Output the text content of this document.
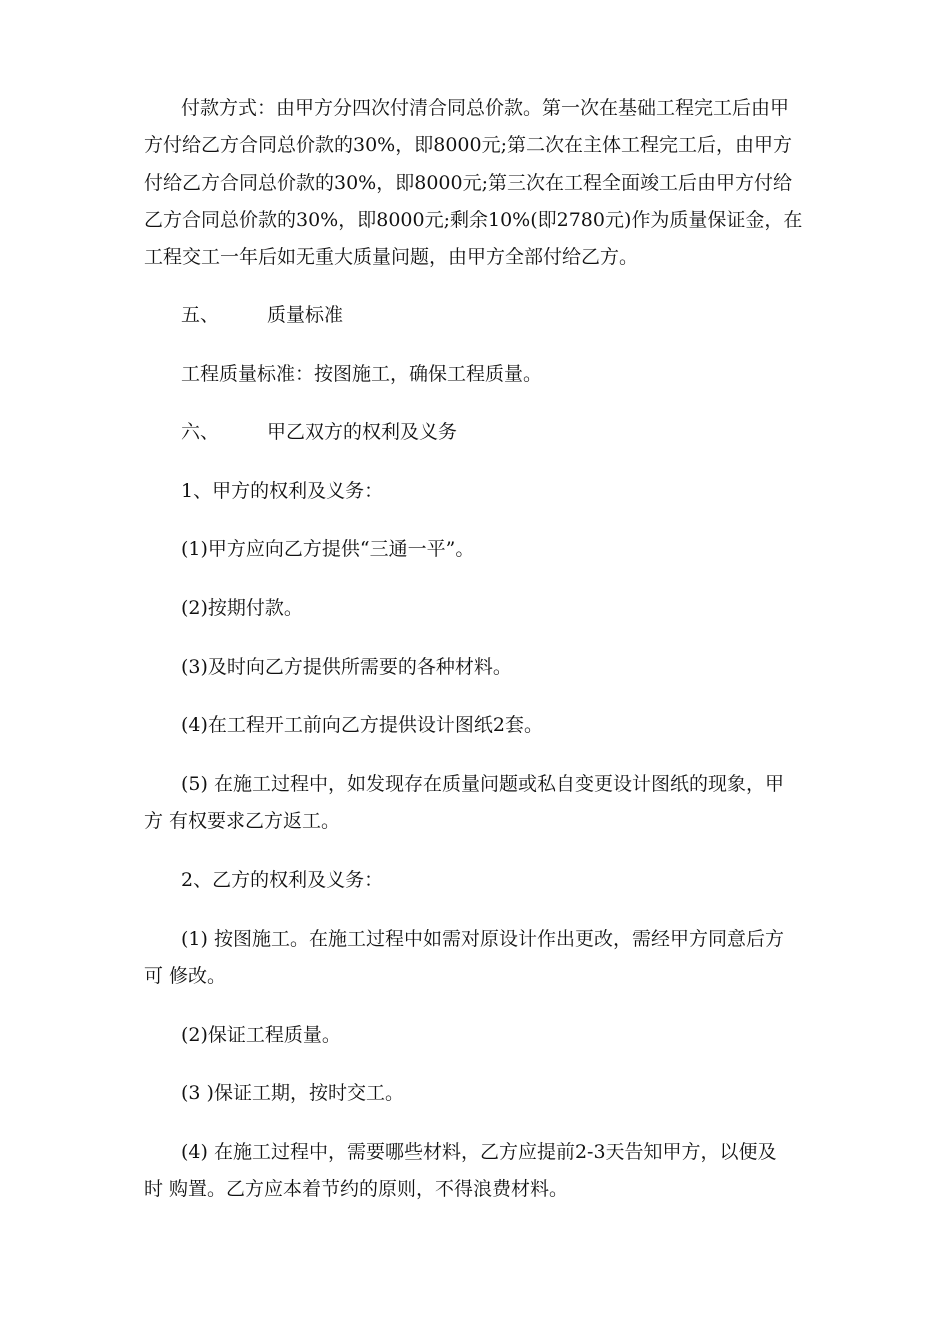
付款方式：由甲方分四次付清合同总价款。第一次在基础工程完工后由甲
方付给乙方合同总价款的30%，即8000元;第二次在主体工程完工后，由甲方
付给乙方合同总价款的30%，即8000元;第三次在工程全面竣工后由甲方付给
乙方合同总价款的30%，即8000元;剩余10%(即2780元)作为质量保证金，在
工程交工一年后如无重大质量问题，由甲方全部付给乙方。
五、	质量标准
工程质量标准：按图施工，确保工程质量。
六、	甲乙双方的权利及义务
1、甲方的权利及义务：
(1)甲方应向乙方提供“三通一平”。
(2)按期付款。
(3)及时向乙方提供所需要的各种材料。
(4)在工程开工前向乙方提供设计图纸2套。
(5) 在施工过程中，如发现存在质量问题或私自变更设计图纸的现象，甲
方 有权要求乙方返工。
2、乙方的权利及义务：
(1) 按图施工。在施工过程中如需对原设计作出更改，需经甲方同意后方
可 修改。
(2)保证工程质量。
(3 )保证工期，按时交工。
(4) 在施工过程中，需要哪些材料，乙方应提前2-3天告知甲方，以便及
时 购置。乙方应本着节约的原则，不得浪费材料。
